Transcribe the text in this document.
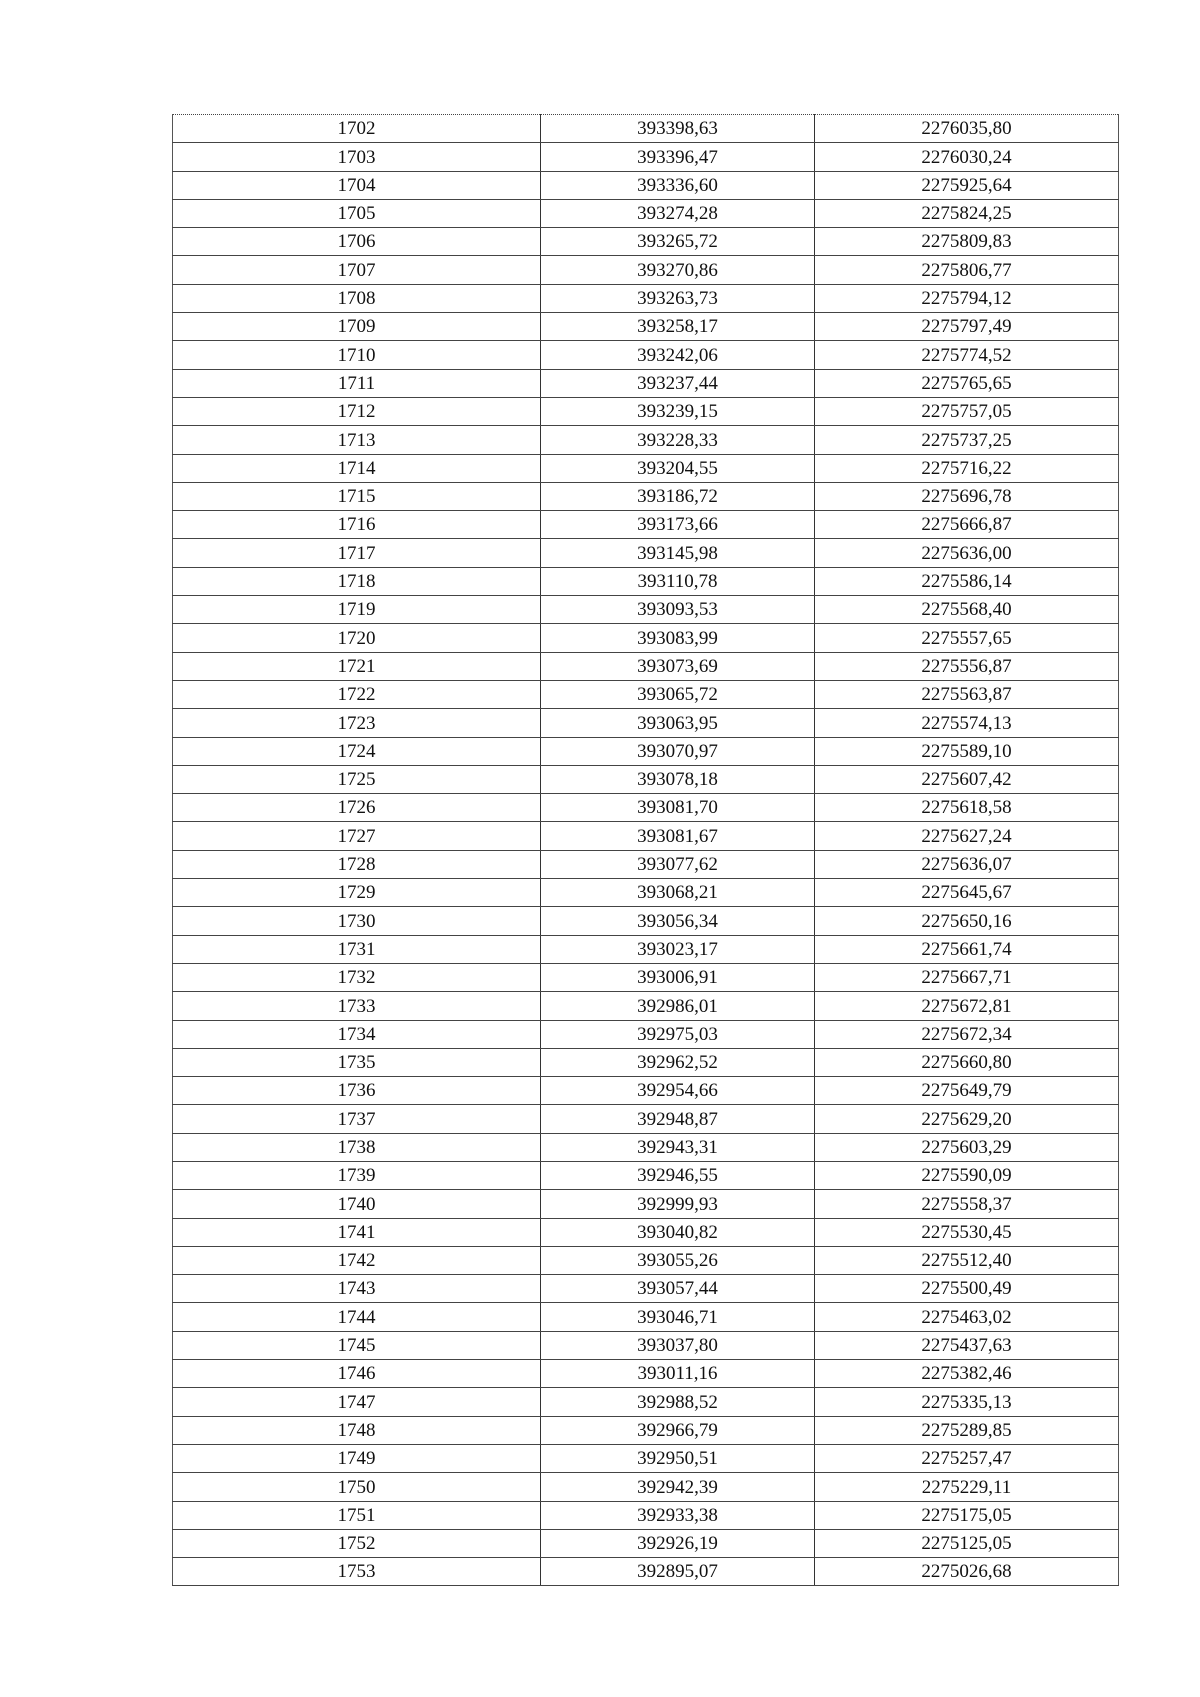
1702	393398,63	2276035,80
1703	393396,47	2276030,24
1704	393336,60	2275925,64
1705	393274,28	2275824,25
1706	393265,72	2275809,83
1707	393270,86	2275806,77
1708	393263,73	2275794,12
1709	393258,17	2275797,49
1710	393242,06	2275774,52
1711	393237,44	2275765,65
1712	393239,15	2275757,05
1713	393228,33	2275737,25
1714	393204,55	2275716,22
1715	393186,72	2275696,78
1716	393173,66	2275666,87
1717	393145,98	2275636,00
1718	393110,78	2275586,14
1719	393093,53	2275568,40
1720	393083,99	2275557,65
1721	393073,69	2275556,87
1722	393065,72	2275563,87
1723	393063,95	2275574,13
1724	393070,97	2275589,10
1725	393078,18	2275607,42
1726	393081,70	2275618,58
1727	393081,67	2275627,24
1728	393077,62	2275636,07
1729	393068,21	2275645,67
1730	393056,34	2275650,16
1731	393023,17	2275661,74
1732	393006,91	2275667,71
1733	392986,01	2275672,81
1734	392975,03	2275672,34
1735	392962,52	2275660,80
1736	392954,66	2275649,79
1737	392948,87	2275629,20
1738	392943,31	2275603,29
1739	392946,55	2275590,09
1740	392999,93	2275558,37
1741	393040,82	2275530,45
1742	393055,26	2275512,40
1743	393057,44	2275500,49
1744	393046,71	2275463,02
1745	393037,80	2275437,63
1746	393011,16	2275382,46
1747	392988,52	2275335,13
1748	392966,79	2275289,85
1749	392950,51	2275257,47
1750	392942,39	2275229,11
1751	392933,38	2275175,05
1752	392926,19	2275125,05
1753	392895,07	2275026,68
